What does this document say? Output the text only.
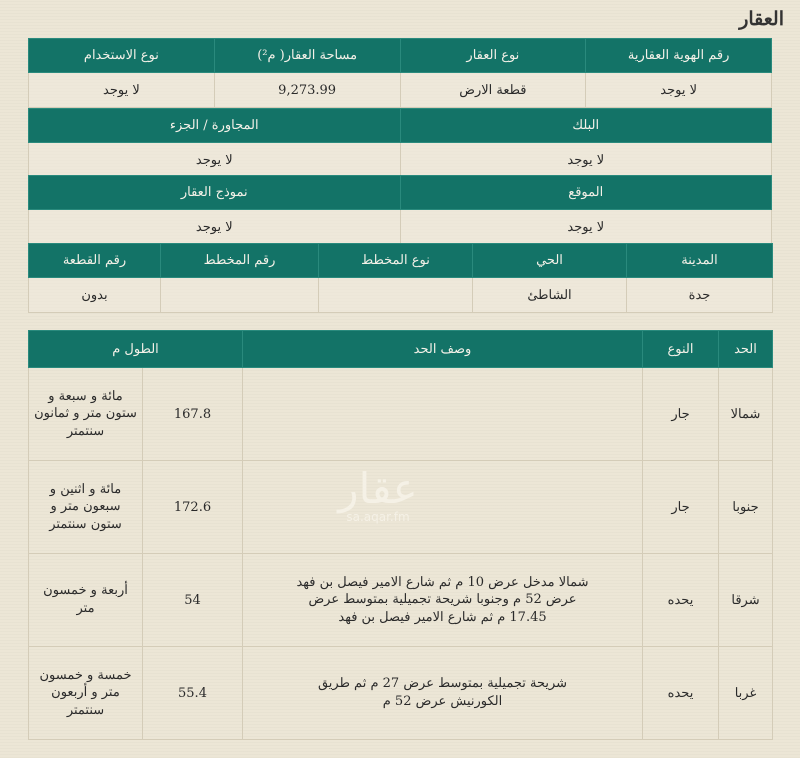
العقار
رقم الهوية العقارية	نوع العقار	مساحة العقار( م²)	نوع الاستخدام
لا يوجد	قطعة الارض	9,273.99	لا يوجد
البلك	المجاورة / الجزء
لا يوجد	لا يوجد
الموقع	نموذج العقار
لا يوجد	لا يوجد
المدينة	الحي	نوع المخطط	رقم المخطط	رقم القطعة
جدة	الشاطئ			بدون
الحد	النوع	وصف الحد	الطول م	
شمالا	جار		167.8	مائة و سبعة و ستون متر و ثمانون سنتمتر
جنوبا	جار		172.6	مائة و اثنين و سبعون متر و ستون سنتمتر
شرقا	يحده	شمالا مدخل عرض 10 م ثم شارع الامير فيصل بن فهد عرض 52 م وجنوبا شريحة تجميلية بمتوسط عرض 17.45 م ثم شارع الامير فيصل بن فهد	54	أربعة و خمسون متر
غربا	يحده	شريحة تجميلية بمتوسط عرض 27 م ثم طريق الكورنيش عرض 52 م	55.4	خمسة و خمسون متر و أربعون سنتمتر
عقار
sa.aqar.fm
